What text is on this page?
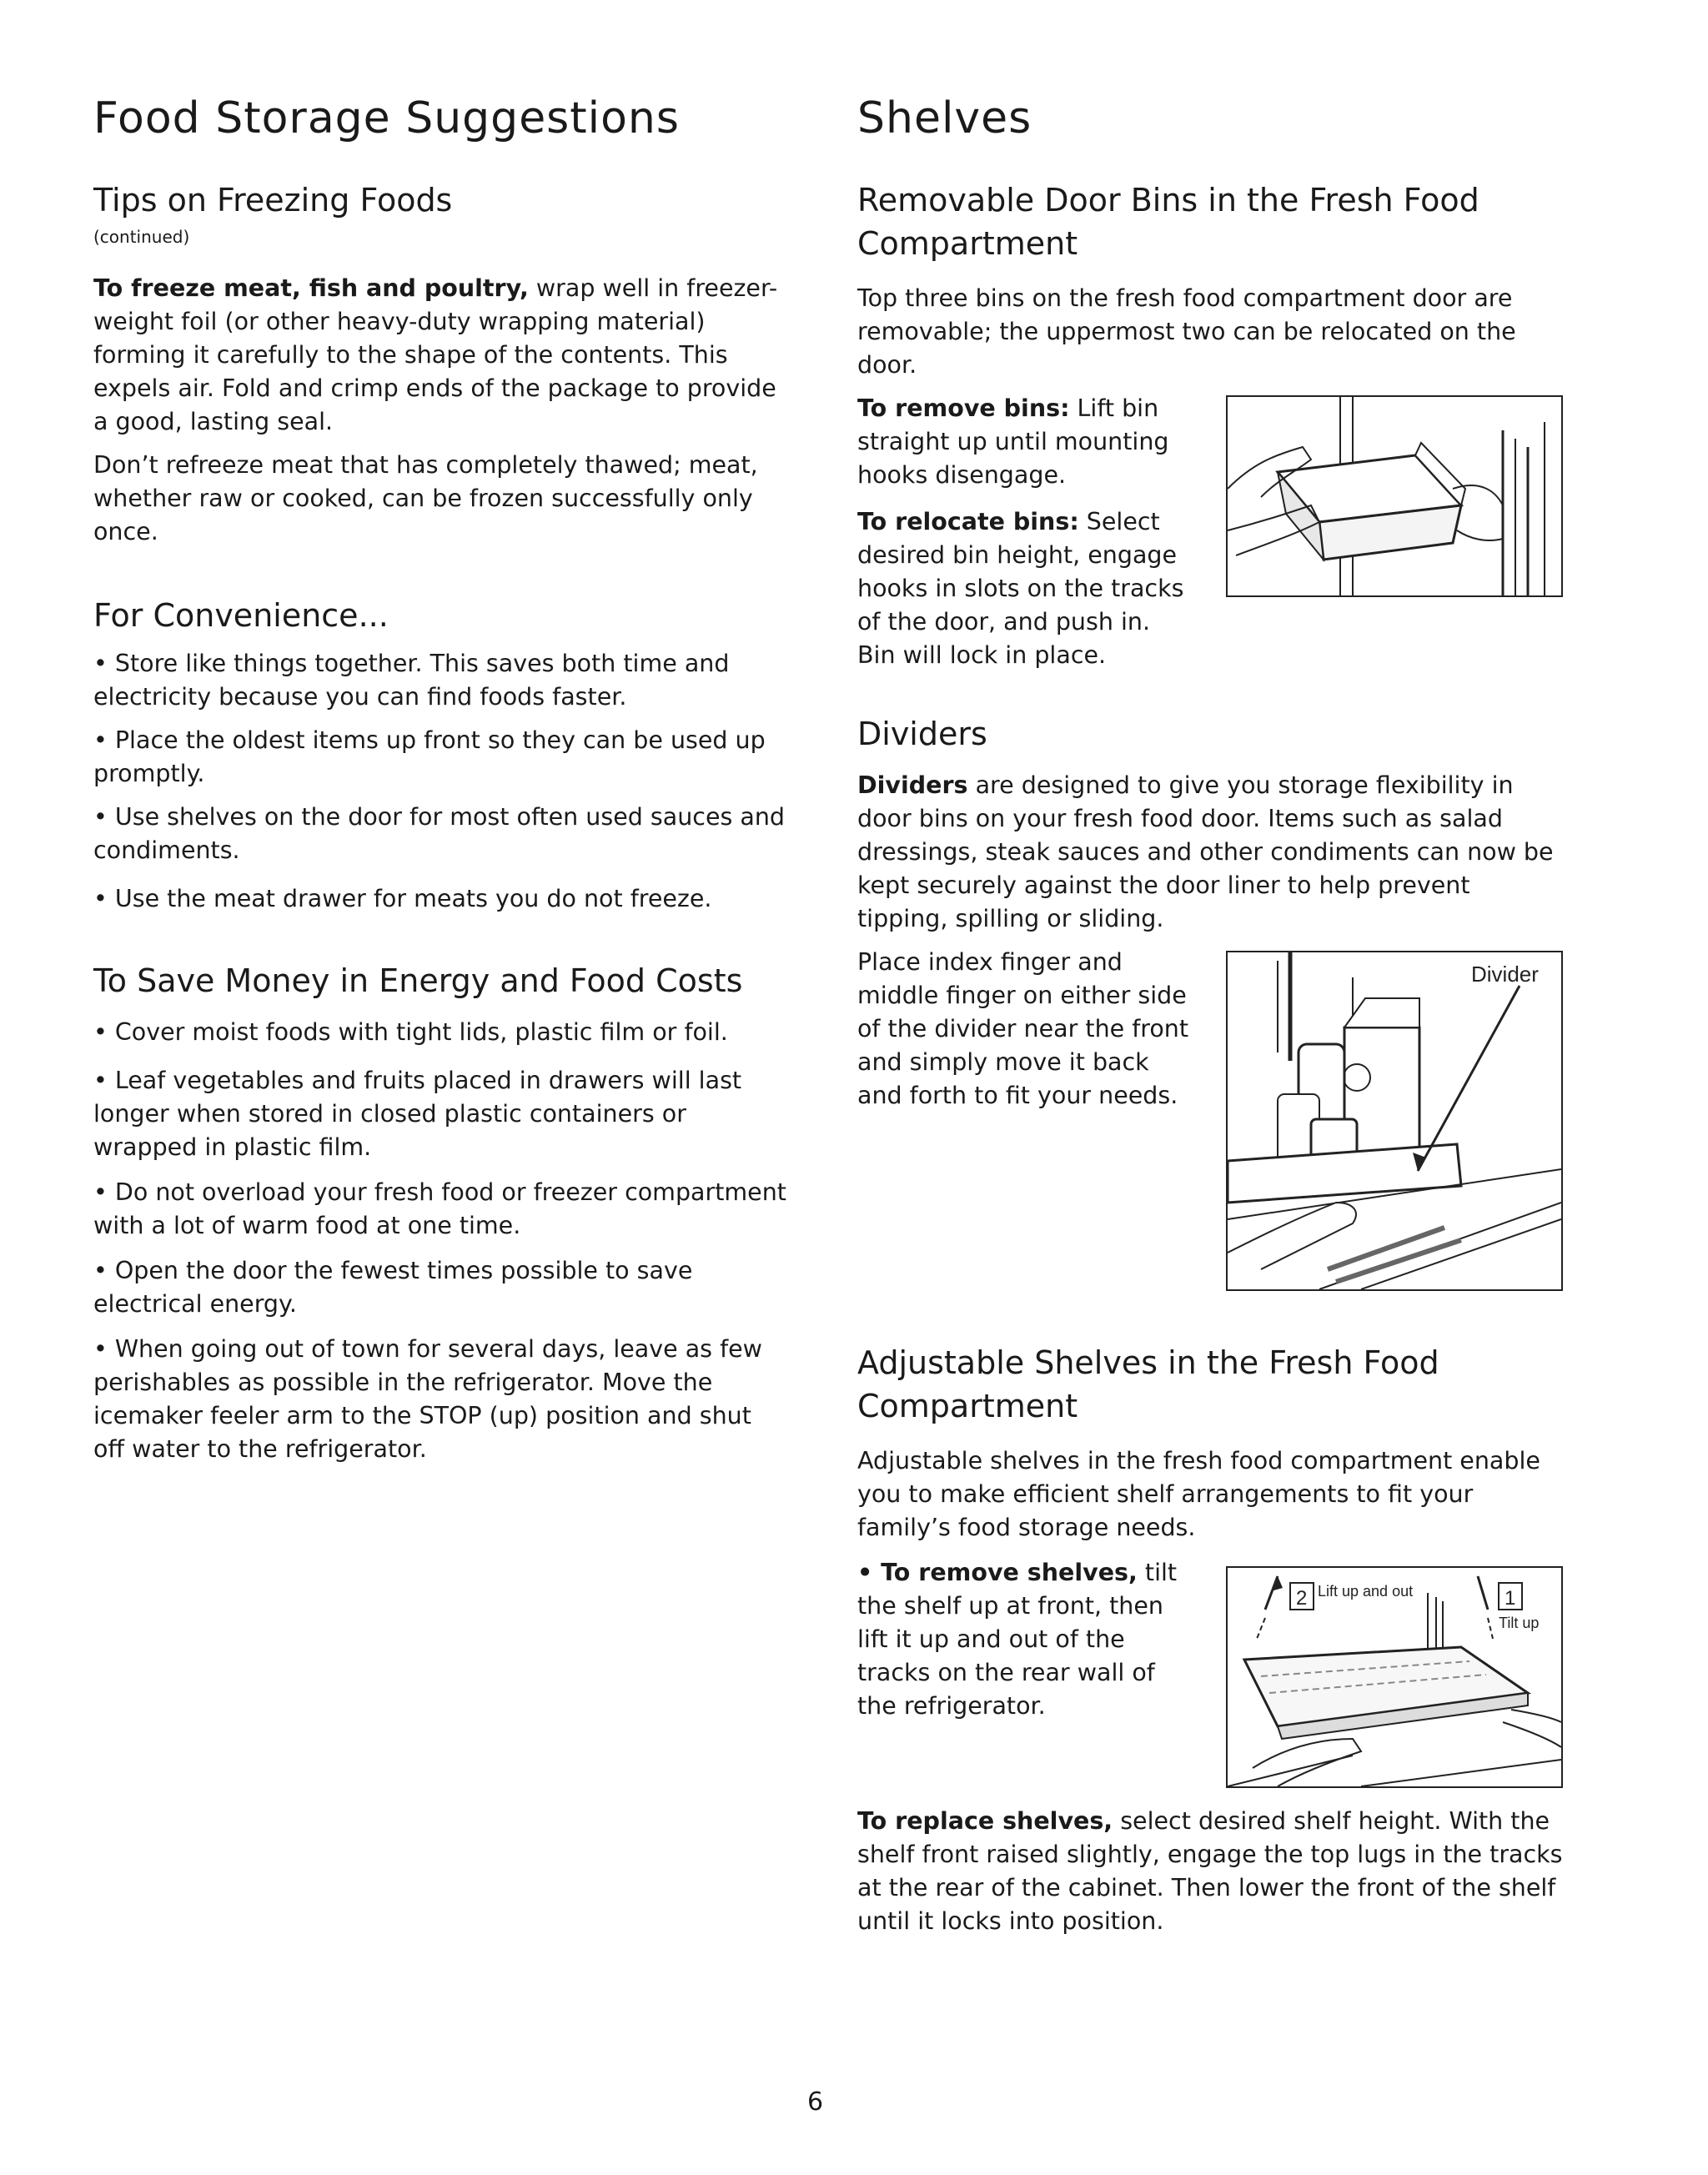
Food Storage Suggestions
Tips on Freezing Foods
(continued)

To freeze meat, fish and poultry, wrap well in freezer-weight foil (or other heavy-duty wrapping material) forming it carefully to the shape of the contents. This expels air. Fold and crimp ends of the package to provide a good, lasting seal.

Don’t refreeze meat that has completely thawed; meat, whether raw or cooked, can be frozen successfully only once.

For Convenience...

• Store like things together. This saves both time and electricity because you can find foods faster.

• Place the oldest items up front so they can be used up promptly.

• Use shelves on the door for most often used sauces and condiments.

• Use the meat drawer for meats you do not freeze.

To Save Money in Energy and Food Costs

• Cover moist foods with tight lids, plastic film or foil.

• Leaf vegetables and fruits placed in drawers will last longer when stored in closed plastic containers or wrapped in plastic film.

• Do not overload your fresh food or freezer compartment with a lot of warm food at one time.

• Open the door the fewest times possible to save electrical energy.

• When going out of town for several days, leave as few perishables as possible in the refrigerator. Move the icemaker feeler arm to the STOP (up) position and shut off water to the refrigerator.

Shelves
Removable Door Bins in the Fresh Food Compartment

Top three bins on the fresh food compartment door are removable; the uppermost two can be relocated on the door.

To remove bins: Lift bin straight up until mounting hooks disengage.

To relocate bins: Select desired bin height, engage hooks in slots on the tracks of the door, and push in. Bin will lock in place.

Dividers

Dividers are designed to give you storage flexibility in door bins on your fresh food door. Items such as salad dressings, steak sauces and other condiments can now be kept securely against the door liner to help prevent tipping, spilling or sliding.

Place index finger and middle finger on either side of the divider near the front and simply move it back and forth to fit your needs.

Divider
Adjustable Shelves in the Fresh Food Compartment

Adjustable shelves in the fresh food compartment enable you to make efficient shelf arrangements to fit your family’s food storage needs.

• To remove shelves, tilt the shelf up at front, then lift it up and out of the tracks on the rear wall of the refrigerator.

2 Lift up and out	1
Tilt up

To replace shelves, select desired shelf height. With the shelf front raised slightly, engage the top lugs in the tracks at the rear of the cabinet. Then lower the front of the shelf until it locks into position.

6
